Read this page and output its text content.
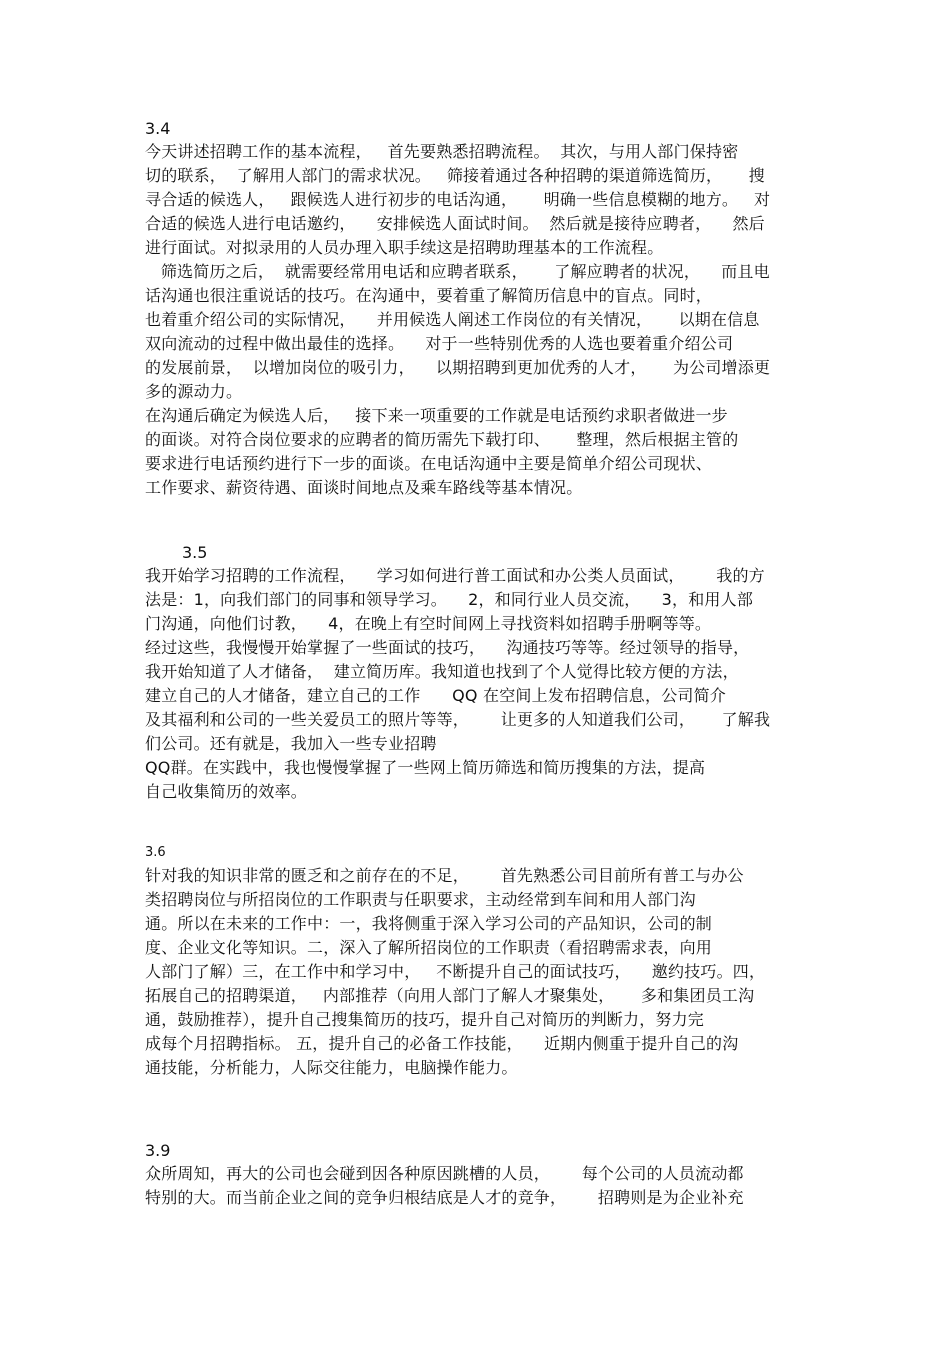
3.4
今天讲述招聘工作的基本流程，   首先要熟悉招聘流程。  其次，与用人部门保持密
切的联系，  了解用人部门的需求状况。   筛接着通过各种招聘的渠道筛选简历，     搜
寻合适的候选人，   跟候选人进行初步的电话沟通，     明确一些信息模糊的地方。   对
合适的候选人进行电话邀约，    安排候选人面试时间。  然后就是接待应聘者，    然后
进行面试。对拟录用的人员办理入职手续这是招聘助理基本的工作流程。
筛选简历之后，  就需要经常用电话和应聘者联系，     了解应聘者的状况，    而且电
话沟通也很注重说话的技巧。在沟通中，要着重了解简历信息中的盲点。同时，
也着重介绍公司的实际情况，    并用候选人阐述工作岗位的有关情况，     以期在信息
双向流动的过程中做出最佳的选择。    对于一些特别优秀的人选也要着重介绍公司
的发展前景，  以增加岗位的吸引力，    以期招聘到更加优秀的人才，     为公司增添更
多的源动力。
在沟通后确定为候选人后，   接下来一项重要的工作就是电话预约求职者做进一步
的面谈。对符合岗位要求的应聘者的简历需先下载打印、     整理，然后根据主管的
要求进行电话预约进行下一步的面谈。在电话沟通中主要是简单介绍公司现状、
工作要求、薪资待遇、面谈时间地点及乘车路线等基本情况。
3.5
我开始学习招聘的工作流程，    学习如何进行普工面试和办公类人员面试，      我的方
法是：1，向我们部门的同事和领导学习。    2，和同行业人员交流，    3，和用人部
门沟通，向他们讨教，    4，在晚上有空时间网上寻找资料如招聘手册啊等等。
经过这些，我慢慢开始掌握了一些面试的技巧，    沟通技巧等等。经过领导的指导，
我开始知道了人才储备，  建立简历库。我知道也找到了个人觉得比较方便的方法，
建立自己的人才储备，建立自己的工作      QQ 在空间上发布招聘信息，公司简介
及其福利和公司的一些关爱员工的照片等等，      让更多的人知道我们公司，     了解我
们公司。还有就是，我加入一些专业招聘
QQ群。在实践中，我也慢慢掌握了一些网上简历筛选和简历搜集的方法，提高
自己收集简历的效率。
3.6
针对我的知识非常的匮乏和之前存在的不足，      首先熟悉公司目前所有普工与办公
类招聘岗位与所招岗位的工作职责与任职要求，主动经常到车间和用人部门沟
通。所以在未来的工作中：一，我将侧重于深入学习公司的产品知识，公司的制
度、企业文化等知识。二，深入了解所招岗位的工作职责（看招聘需求表，向用
人部门了解）三，在工作中和学习中，   不断提升自己的面试技巧，    邀约技巧。四，
拓展自己的招聘渠道，   内部推荐（向用人部门了解人才聚集处，     多和集团员工沟
通，鼓励推荐），提升自己搜集简历的技巧，提升自己对简历的判断力，努力完
成每个月招聘指标。 五，提升自己的必备工作技能，    近期内侧重于提升自己的沟
通技能，分析能力，人际交往能力，电脑操作能力。
3.9
众所周知，再大的公司也会碰到因各种原因跳槽的人员，      每个公司的人员流动都
特别的大。而当前企业之间的竞争归根结底是人才的竞争，      招聘则是为企业补充
